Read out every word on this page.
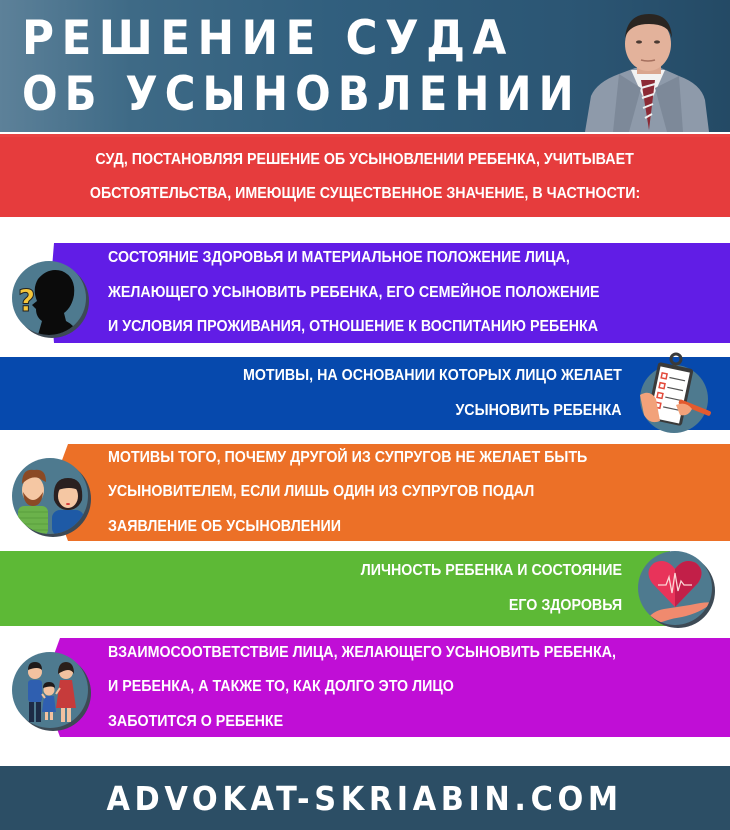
РЕШЕНИЕ СУДА
ОБ УСЫНОВЛЕНИИ
СУД, ПОСТАНОВЛЯЯ РЕШЕНИЕ ОБ УСЫНОВЛЕНИИ РЕБЕНКА, УЧИТЫВАЕТ
ОБСТОЯТЕЛЬСТВА, ИМЕЮЩИЕ СУЩЕСТВЕННОЕ ЗНАЧЕНИЕ, В ЧАСТНОСТИ:
?
СОСТОЯНИЕ ЗДОРОВЬЯ И МАТЕРИАЛЬНОЕ ПОЛОЖЕНИЕ ЛИЦА,
ЖЕЛАЮЩЕГО УСЫНОВИТЬ РЕБЕНКА, ЕГО СЕМЕЙНОЕ ПОЛОЖЕНИЕ
И УСЛОВИЯ ПРОЖИВАНИЯ, ОТНОШЕНИЕ К ВОСПИТАНИЮ РЕБЕНКА
МОТИВЫ, НА ОСНОВАНИИ КОТОРЫХ ЛИЦО ЖЕЛАЕТ
УСЫНОВИТЬ РЕБЕНКА
МОТИВЫ ТОГО, ПОЧЕМУ ДРУГОЙ ИЗ СУПРУГОВ НЕ ЖЕЛАЕТ БЫТЬ
УСЫНОВИТЕЛЕМ, ЕСЛИ ЛИШЬ ОДИН ИЗ СУПРУГОВ ПОДАЛ
ЗАЯВЛЕНИЕ ОБ УСЫНОВЛЕНИИ
ЛИЧНОСТЬ РЕБЕНКА И СОСТОЯНИЕ
ЕГО ЗДОРОВЬЯ
ВЗАИМОСООТВЕТСТВИЕ ЛИЦА, ЖЕЛАЮЩЕГО УСЫНОВИТЬ РЕБЕНКА,
И РЕБЕНКА, А ТАКЖЕ ТО, КАК ДОЛГО ЭТО ЛИЦО
ЗАБОТИТСЯ О РЕБЕНКЕ
ADVOKAT-SKRIABIN.COM
